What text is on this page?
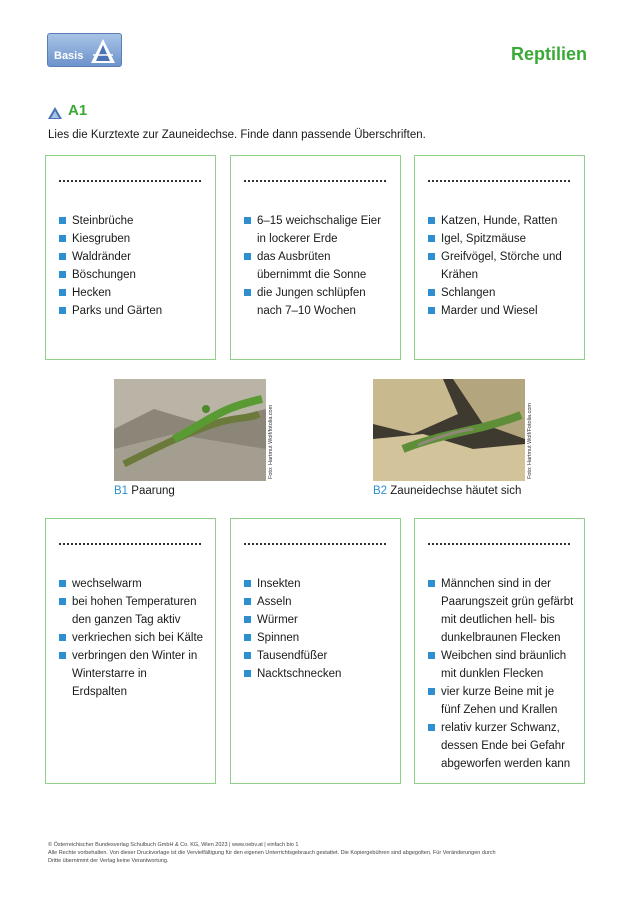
Basis	Reptilien
A1
Lies die Kurztexte zur Zauneidechse. Finde dann passende Überschriften.
Steinbrüche
Kiesgruben
Waldränder
Böschungen
Hecken
Parks und Gärten
6–15 weichschalige Eier
in lockerer Erde
das Ausbrüten
übernimmt die Sonne
die Jungen schlüpfen
nach 7–10 Wochen
Katzen, Hunde, Ratten
Igel, Spitzmäuse
Greifvögel, Störche und
Krähen
Schlangen
Marder und Wiesel
Foto: Hartmut Wolf/fotolia.com
B1 Paarung
Foto: Hartmut Wolf/Fotolia.com
B2 Zauneidechse häutet sich
wechselwarm
bei hohen Temperaturen
den ganzen Tag aktiv
verkriechen sich bei Kälte
verbringen den Winter in
Winterstarre in
Erdspalten
Insekten
Asseln
Würmer
Spinnen
Tausendfüßer
Nacktschnecken
Männchen sind in der
Paarungszeit grün gefärbt
mit deutlichen hell- bis
dunkelbraunen Flecken
Weibchen sind bräunlich
mit dunklen Flecken
vier kurze Beine mit je
fünf Zehen und Krallen
relativ kurzer Schwanz,
dessen Ende bei Gefahr
abgeworfen werden kann
© Österreichischer Bundesverlag Schulbuch GmbH & Co. KG, Wien 2023 | www.oebv.at | einfach bio 1
Alle Rechte vorbehalten. Von dieser Druckvorlage ist die Vervielfältigung für den eigenen Unterrichtsgebrauch gestattet. Die Kopiergebühren sind abgegolten. Für Veränderungen durch
Dritte übernimmt der Verlag keine Verantwortung.
